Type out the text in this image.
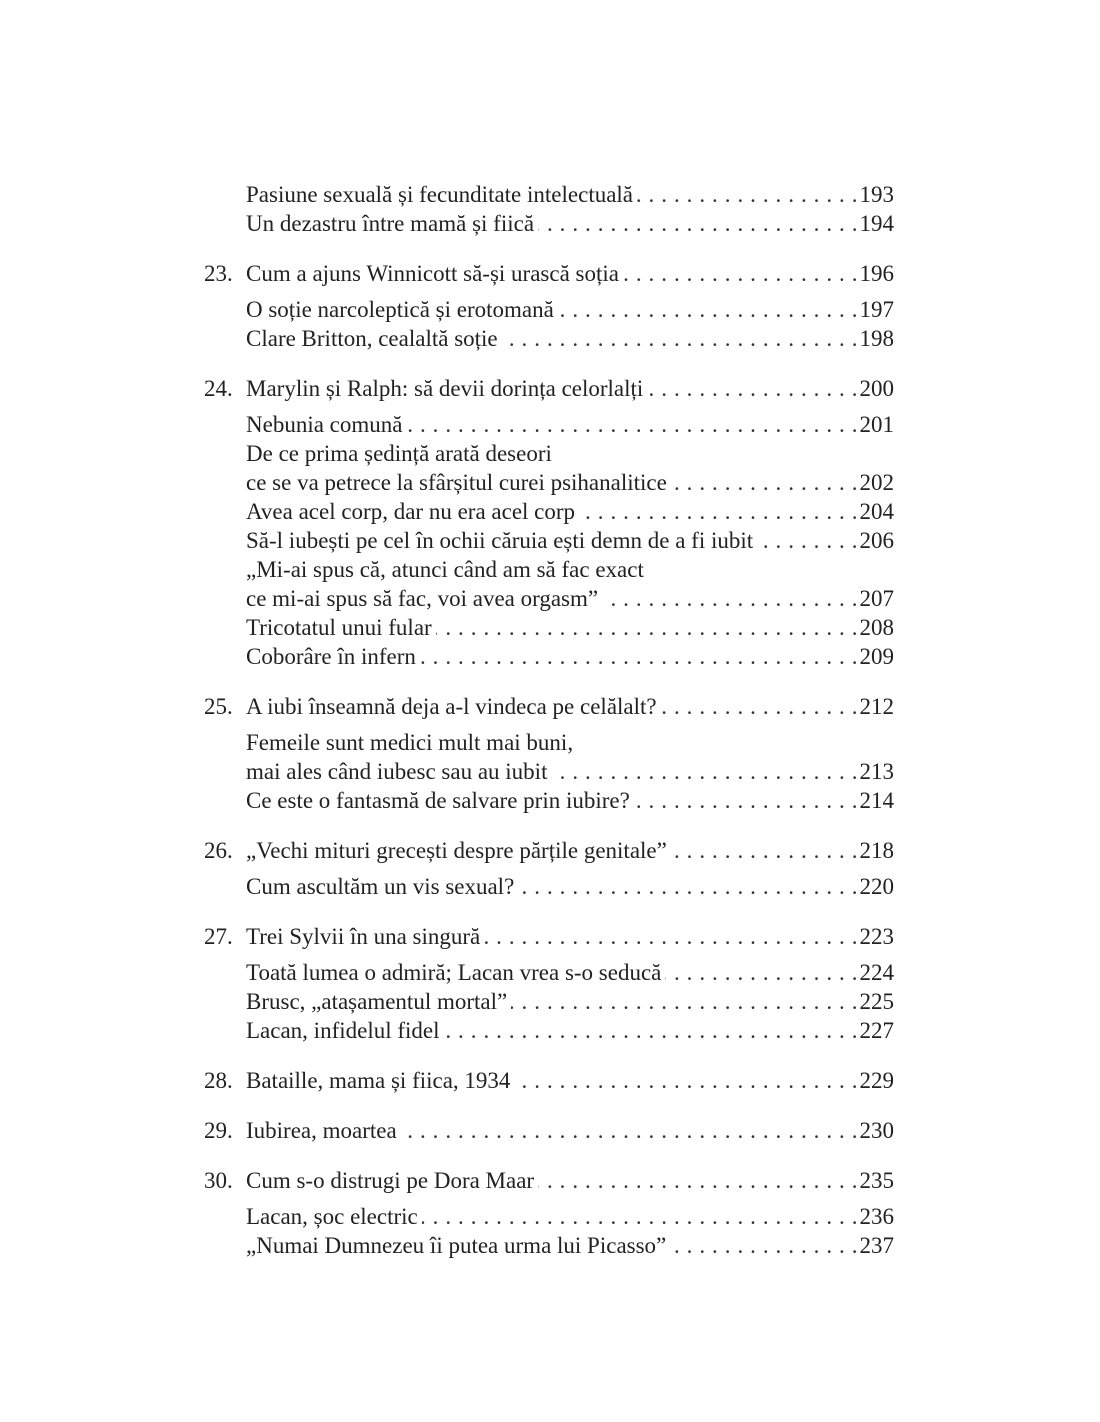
Pasiune sexuală și fecunditate intelectuală . . .	193
Un dezastru între mamă și fiică . . .	194
23. Cum a ajuns Winnicott să-și urască soția . . .	196
O soție narcoleptică și erotomană . . .	197
Clare Britton, cealaltă soție . . .	198
24. Marylin și Ralph: să devii dorința celorlalți . . .	200
Nebunia comună . . .	201
De ce prima ședință arată deseori
ce se va petrece la sfârșitul curei psihanalitice . . .	202
Avea acel corp, dar nu era acel corp . . .	204
Să-l iubești pe cel în ochii căruia ești demn de a fi iubit . . .	206
„Mi-ai spus că, atunci când am să fac exact
ce mi-ai spus să fac, voi avea orgasm” . . .	207
Tricotatul unui fular . . .	208
Coborâre în infern . . .	209
25. A iubi înseamnă deja a-l vindeca pe celălalt? . . .	212
Femeile sunt medici mult mai buni,
mai ales când iubesc sau au iubit . . .	213
Ce este o fantasmă de salvare prin iubire? . . .	214
26. „Vechi mituri grecești despre părțile genitale” . . .	218
Cum ascultăm un vis sexual? . . .	220
27. Trei Sylvii în una singură . . .	223
Toată lumea o admiră; Lacan vrea s-o seducă . . .	224
Brusc, „atașamentul mortal” . . .	225
Lacan, infidelul fidel . . .	227
28. Bataille, mama și fiica, 1934 . . .	229
29. Iubirea, moartea . . .	230
30. Cum s-o distrugi pe Dora Maar . . .	235
Lacan, șoc electric . . .	236
„Numai Dumnezeu îi putea urma lui Picasso” . . .	237
